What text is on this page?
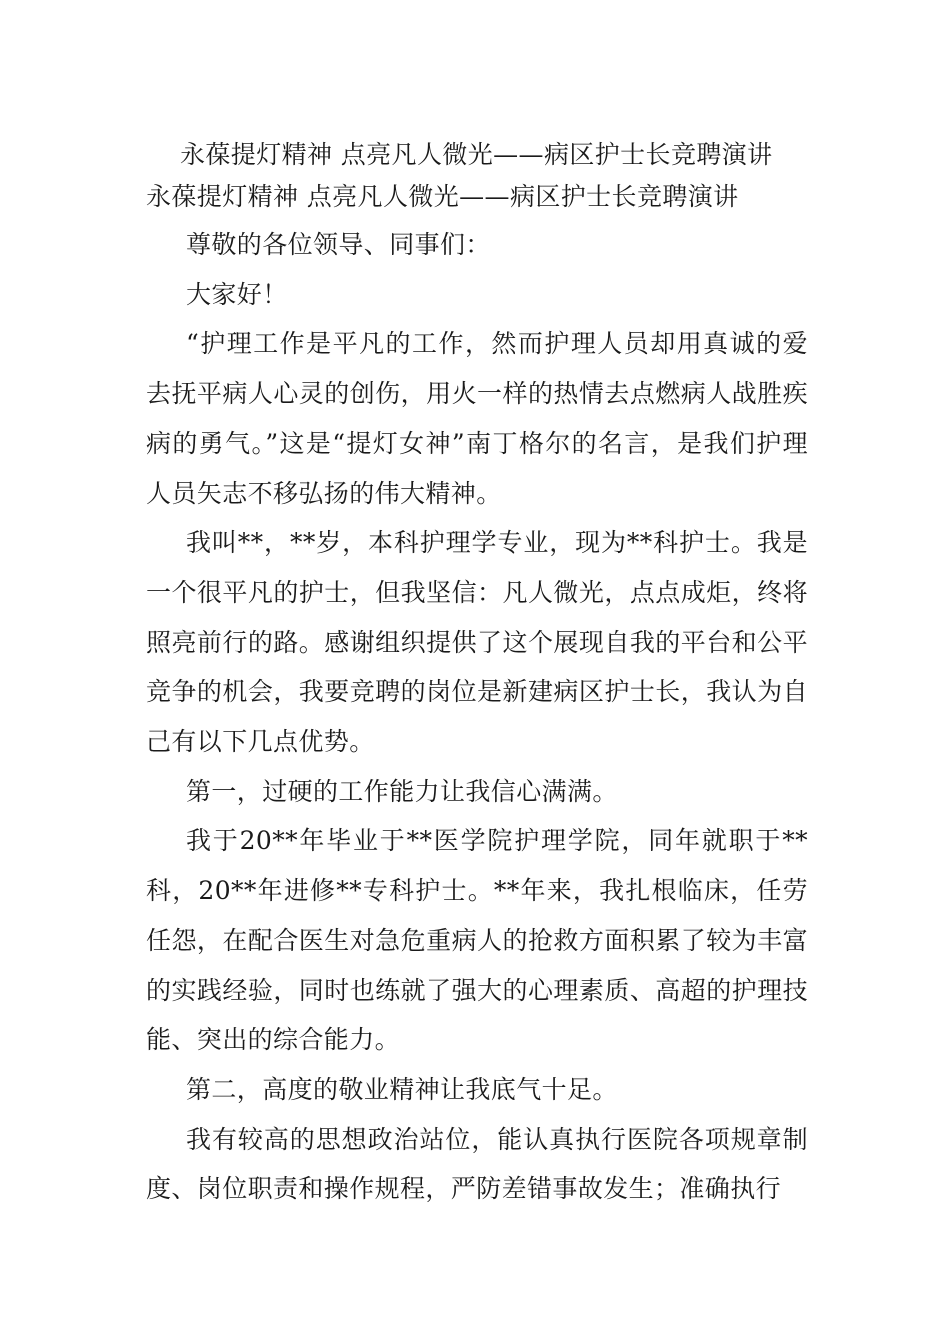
永葆提灯精神 点亮凡人微光——病区护士长竞聘演讲
永葆提灯精神 点亮凡人微光——病区护士长竞聘演讲

尊敬的各位领导、同事们：

大家好！

“护理工作是平凡的工作，然而护理人员却用真诚的爱去抚平病人心灵的创伤，用火一样的热情去点燃病人战胜疾病的勇气。”这是“提灯女神”南丁格尔的名言，是我们护理人员矢志不移弘扬的伟大精神。

我叫**，**岁，本科护理学专业，现为**科护士。我是一个很平凡的护士，但我坚信：凡人微光，点点成炬，终将照亮前行的路。感谢组织提供了这个展现自我的平台和公平竞争的机会，我要竞聘的岗位是新建病区护士长，我认为自己有以下几点优势。

第一，过硬的工作能力让我信心满满。

我于20**年毕业于**医学院护理学院，同年就职于**科，20**年进修**专科护士。**年来，我扎根临床，任劳任怨，在配合医生对急危重病人的抢救方面积累了较为丰富的实践经验，同时也练就了强大的心理素质、高超的护理技能、突出的综合能力。

第二，高度的敬业精神让我底气十足。

我有较高的思想政治站位，能认真执行医院各项规章制度、岗位职责和操作规程，严防差错事故发生；准确执行
